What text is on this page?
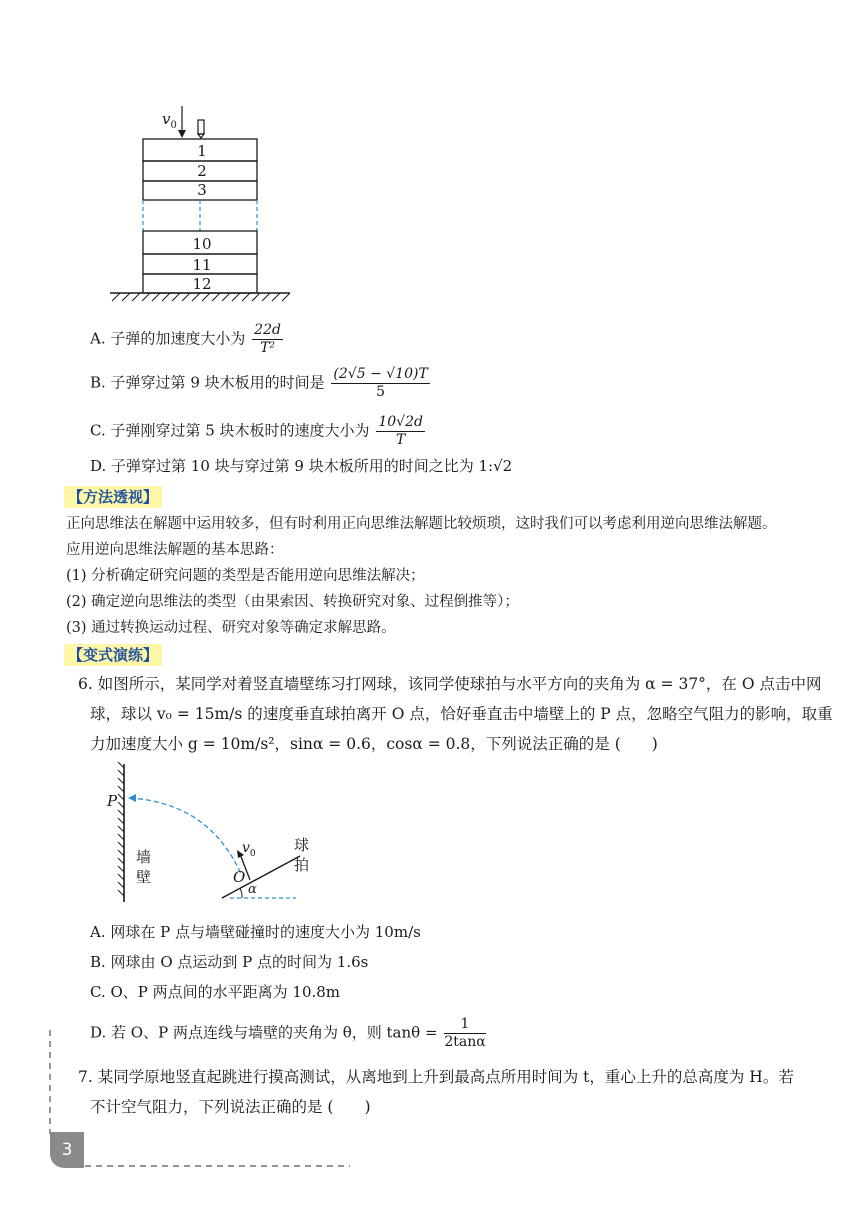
$v_0$
1
2
3
10
11
12
A. 子弹的加速度大小为 $\frac{22d}{\text{T²}}$
B. 子弹穿过第 9 块木板用的时间是 $\frac{(2√5 - √10)T}{5}$
C. 子弹刚穿过第 5 块木板时的速度大小为 $\frac{10√2d}{T}$
D. 子弹穿过第 10 块与穿过第 9 块木板所用的时间之比为 1:√2
【方法透视】
正向思维法在解题中运用较多，但有时利用正向思维法解题比较烦琐，这时我们可以考虑利用逆向思维法解题。
应用逆向思维法解题的基本思路：
(1) 分析确定研究问题的类型是否能用逆向思维法解决；
(2) 确定逆向思维法的类型（由果索因、转换研究对象、过程倒推等）；
(3) 通过转换运动过程、研究对象等确定求解思路。
【变式演练】
6. 如图所示，某同学对着竖直墙壁练习打网球，该同学使球拍与水平方向的夹角为 α = 37°，在 O 点击中网
球，球以 v₀ = 15m/s 的速度垂直球拍离开 O 点，恰好垂直击中墙壁上的 P 点，忽略空气阻力的影响，取重
力加速度大小 g = 10m/s²，sinα = 0.6，cosα = 0.8，下列说法正确的是 (　　)
P
墙
壁
$v_0$	球
拍
O
α
A. 网球在 P 点与墙壁碰撞时的速度大小为 10m/s
B. 网球由 O 点运动到 P 点的时间为 1.6s
C. O、P 两点间的水平距离为 10.8m
D. 若 O、P 两点连线与墙壁的夹角为 θ，则 $\tan\theta = \frac{1}{2\tan\alpha}$
7. 某同学原地竖直起跳进行摸高测试，从离地到上升到最高点所用时间为 t，重心上升的总高度为 H。若
不计空气阻力，下列说法正确的是 (　　)
3
